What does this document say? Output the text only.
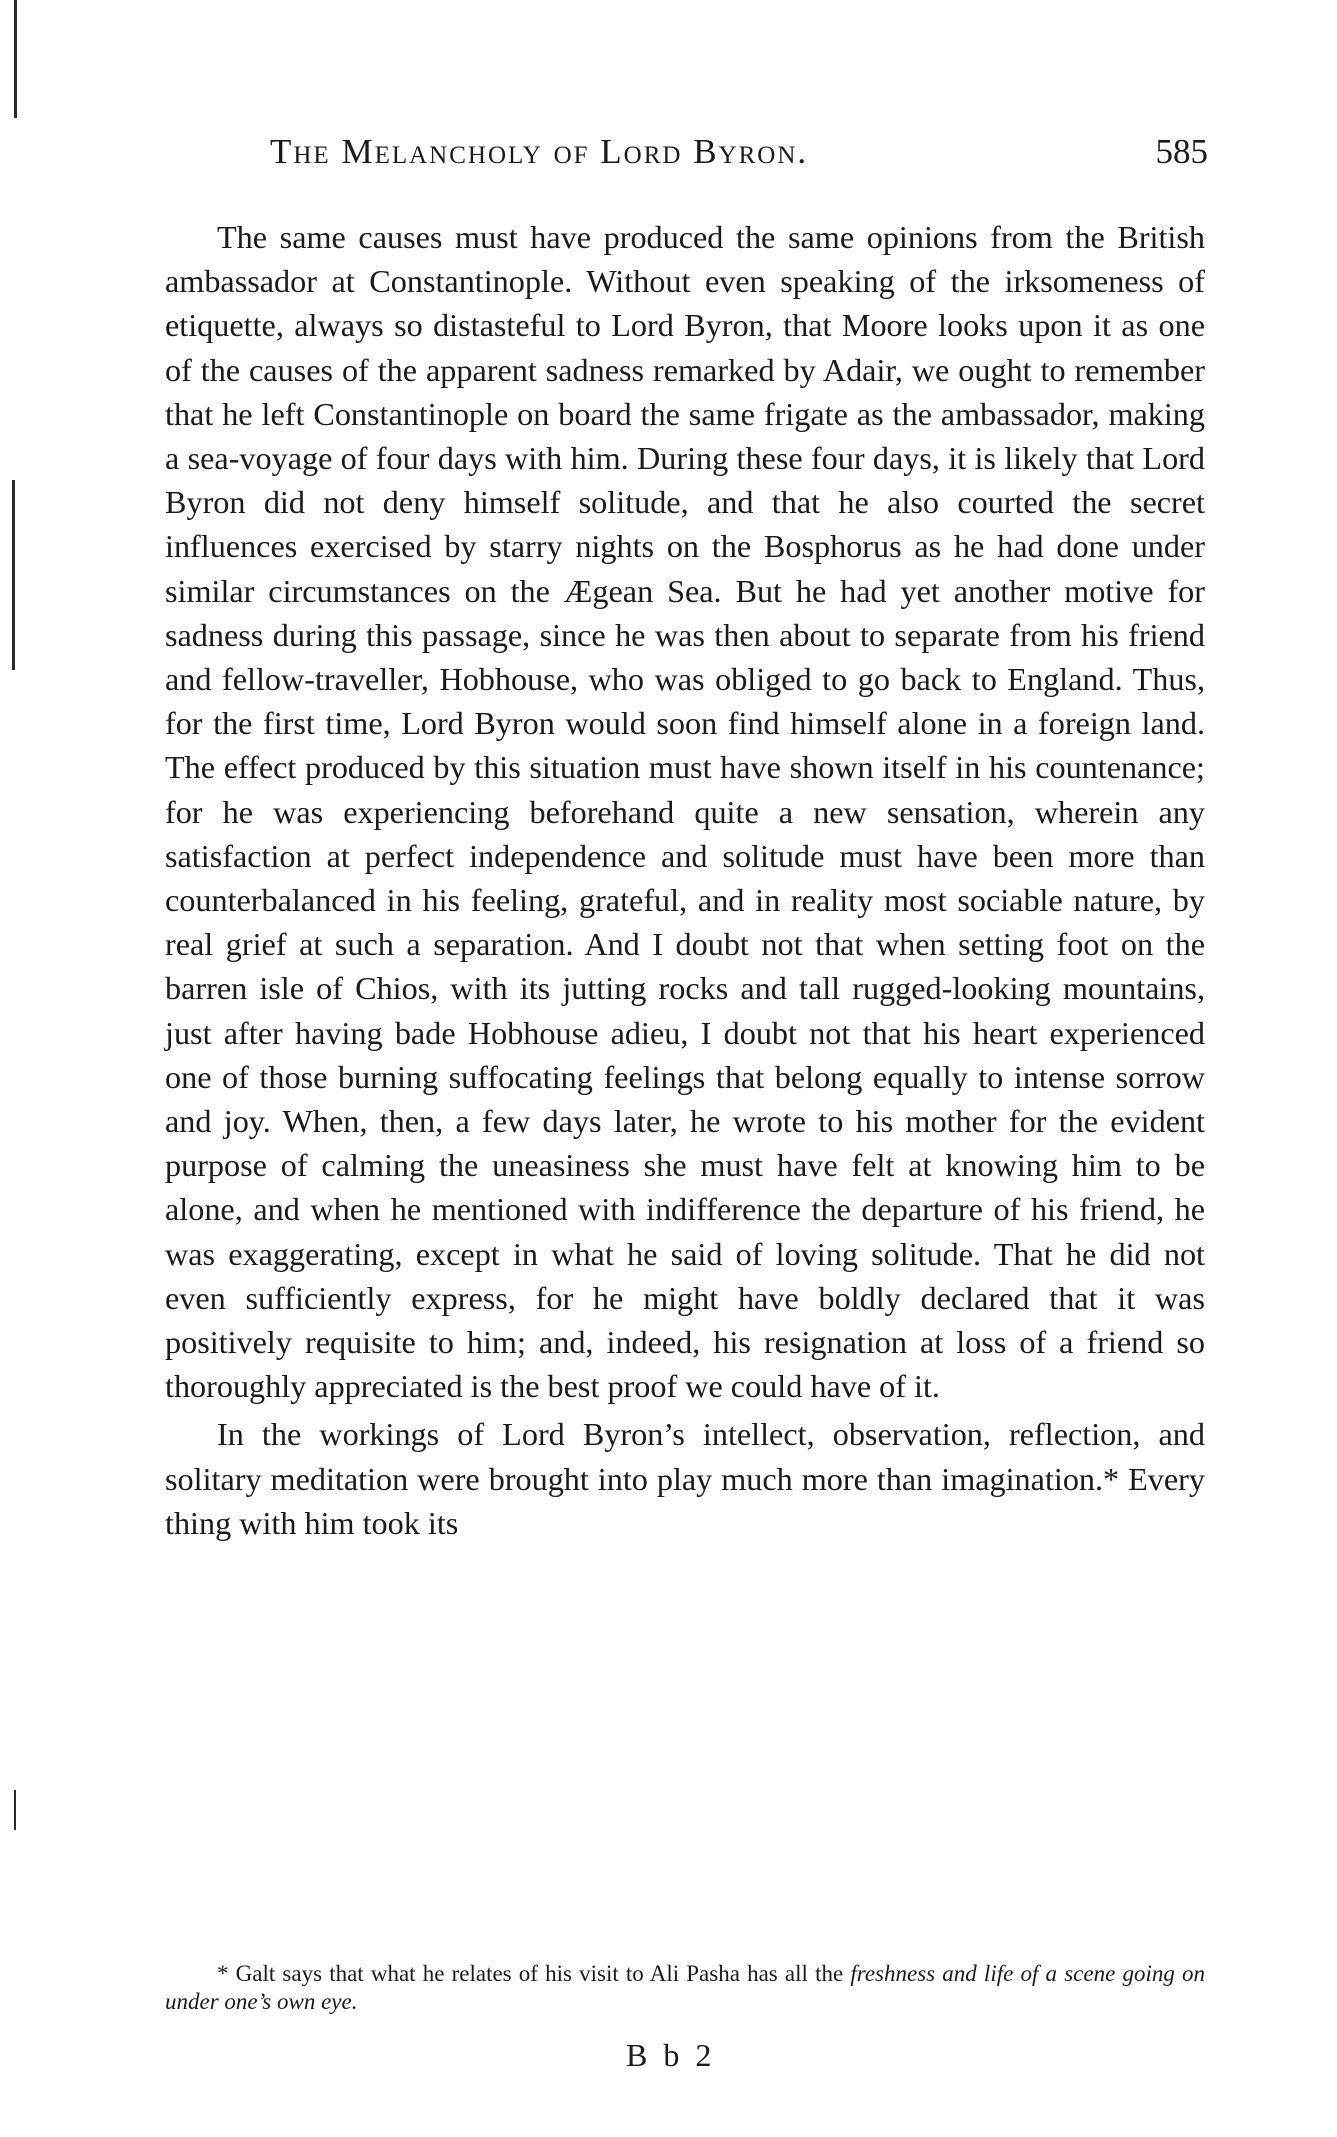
The Melancholy of Lord Byron.	585

The same causes must have produced the same opinions from the British ambassador at Constantinople. Without even speaking of the irksomeness of etiquette, always so distasteful to Lord Byron, that Moore looks upon it as one of the causes of the apparent sadness remarked by Adair, we ought to remember that he left Constantinople on board the same frigate as the ambassador, making a sea-voyage of four days with him. During these four days, it is likely that Lord Byron did not deny himself solitude, and that he also courted the secret influences exercised by starry nights on the Bosphorus as he had done under similar circumstances on the Ægean Sea. But he had yet another motive for sadness during this passage, since he was then about to separate from his friend and fellow-traveller, Hobhouse, who was obliged to go back to England. Thus, for the first time, Lord Byron would soon find himself alone in a foreign land. The effect produced by this situation must have shown itself in his countenance; for he was experiencing beforehand quite a new sensation, wherein any satisfaction at perfect independence and solitude must have been more than counterbalanced in his feeling, grateful, and in reality most sociable nature, by real grief at such a separation. And I doubt not that when setting foot on the barren isle of Chios, with its jutting rocks and tall rugged-looking mountains, just after having bade Hobhouse adieu, I doubt not that his heart experienced one of those burning suffocating feelings that belong equally to intense sorrow and joy. When, then, a few days later, he wrote to his mother for the evident purpose of calming the uneasiness she must have felt at knowing him to be alone, and when he mentioned with indifference the departure of his friend, he was exaggerating, except in what he said of loving solitude. That he did not even sufficiently express, for he might have boldly declared that it was positively requisite to him; and, indeed, his resignation at loss of a friend so thoroughly appreciated is the best proof we could have of it.

In the workings of Lord Byron’s intellect, observation, reflection, and solitary meditation were brought into play much more than imagination.* Every thing with him took its

* Galt says that what he relates of his visit to Ali Pasha has all the freshness and life of a scene going on under one’s own eye.
B b 2
